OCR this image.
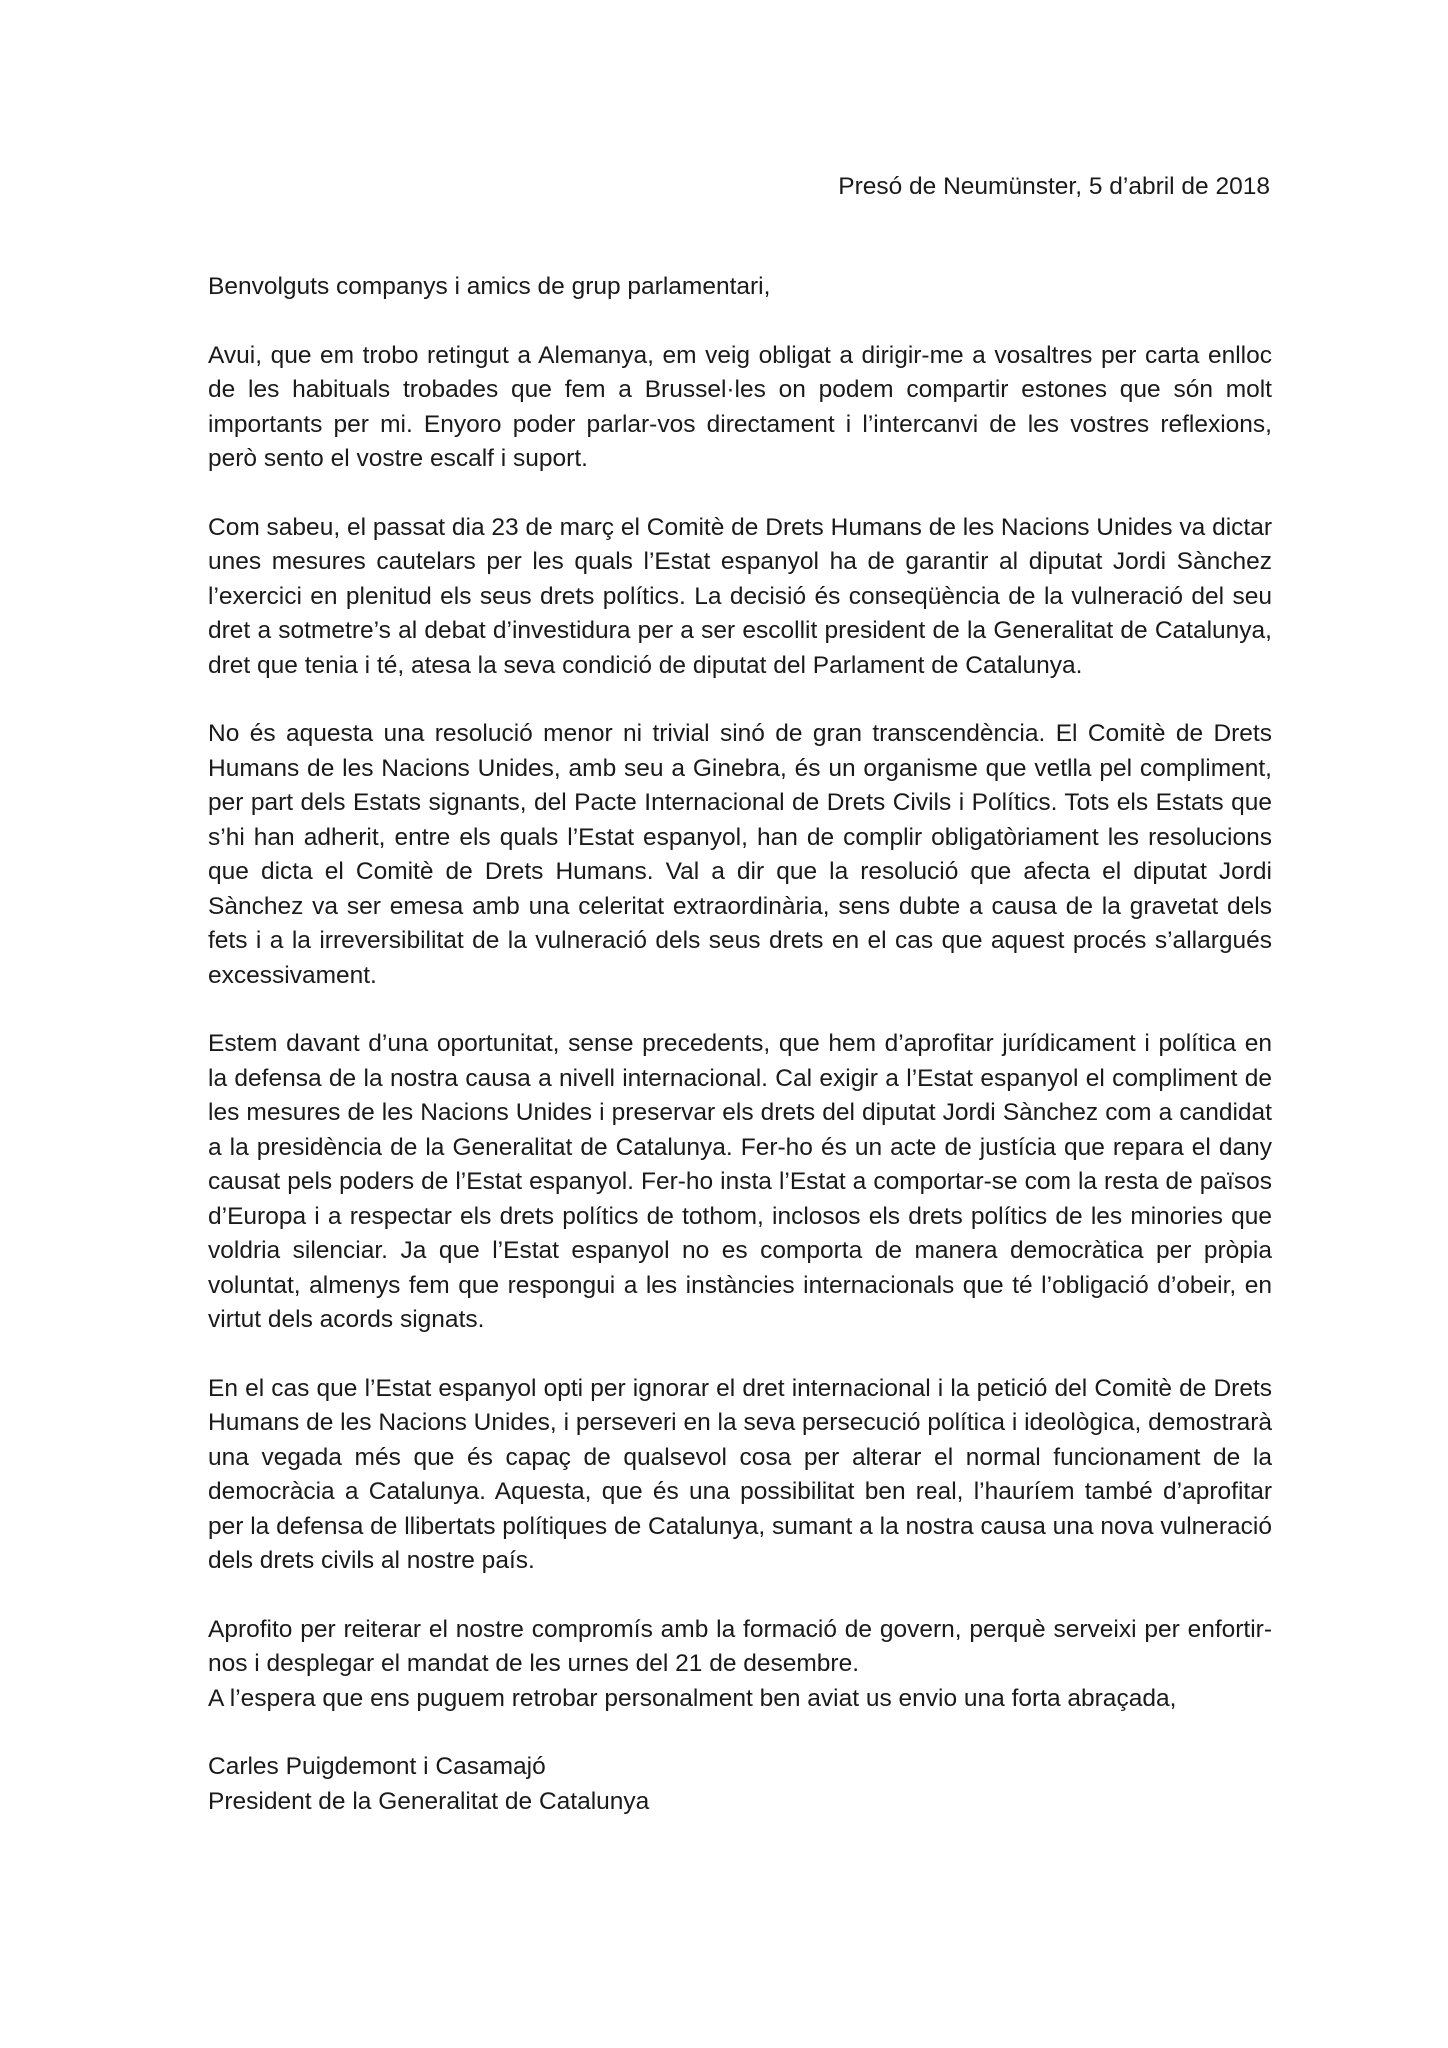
Presó de Neumünster, 5 d’abril de 2018

Benvolguts companys i amics de grup parlamentari,

Avui, que em trobo retingut a Alemanya, em veig obligat a dirigir-me a vosaltres per carta enlloc de les habituals trobades que fem a Brussel·les on podem compartir estones que són molt importants per mi. Enyoro poder parlar-vos directament i l’intercanvi de les vostres reflexions, però sento el vostre escalf i suport.

Com sabeu, el passat dia 23 de març el Comitè de Drets Humans de les Nacions Unides va dictar unes mesures cautelars per les quals l’Estat espanyol ha de garantir al diputat Jordi Sànchez l’exercici en plenitud els seus drets polítics. La decisió és conseqüència de la vulneració del seu dret a sotmetre’s al debat d’investidura per a ser escollit president de la Generalitat de Catalunya, dret que tenia i té, atesa la seva condició de diputat del Parlament de Catalunya.

No és aquesta una resolució menor ni trivial sinó de gran transcendència. El Comitè de Drets Humans de les Nacions Unides, amb seu a Ginebra, és un organisme que vetlla pel compliment, per part dels Estats signants, del Pacte Internacional de Drets Civils i Polítics. Tots els Estats que s’hi han adherit, entre els quals l’Estat espanyol, han de complir obligatòriament les resolucions que dicta el Comitè de Drets Humans. Val a dir que la resolució que afecta el diputat Jordi Sànchez va ser emesa amb una celeritat extraordinària, sens dubte a causa de la gravetat dels fets i a la irreversibilitat de la vulneració dels seus drets en el cas que aquest procés s’allargués excessivament.

Estem davant d’una oportunitat, sense precedents, que hem d’aprofitar jurídicament i política en la defensa de la nostra causa a nivell internacional. Cal exigir a l’Estat espanyol el compliment de les mesures de les Nacions Unides i preservar els drets del diputat Jordi Sànchez com a candidat a la presidència de la Generalitat de Catalunya. Fer-ho és un acte de justícia que repara el dany causat pels poders de l’Estat espanyol. Fer-ho insta l’Estat a comportar-se com la resta de països d’Europa i a respectar els drets polítics de tothom, inclosos els drets polítics de les minories que voldria silenciar. Ja que l’Estat espanyol no es comporta de manera democràtica per pròpia voluntat, almenys fem que respongui a les instàncies internacionals que té l’obligació d’obeir, en virtut dels acords signats.

En el cas que l’Estat espanyol opti per ignorar el dret internacional i la petició del Comitè de Drets Humans de les Nacions Unides, i perseveri en la seva persecució política i ideològica, demostrarà una vegada més que és capaç de qualsevol cosa per alterar el normal funcionament de la democràcia a Catalunya. Aquesta, que és una possibilitat ben real, l’hauríem també d’aprofitar per la defensa de llibertats polítiques de Catalunya, sumant a la nostra causa una nova vulneració dels drets civils al nostre país.

Aprofito per reiterar el nostre compromís amb la formació de govern, perquè serveixi per enfortir-nos i desplegar el mandat de les urnes del 21 de desembre.

A l’espera que ens puguem retrobar personalment ben aviat us envio una forta abraçada,

Carles Puigdemont i Casamajó
President de la Generalitat de Catalunya
